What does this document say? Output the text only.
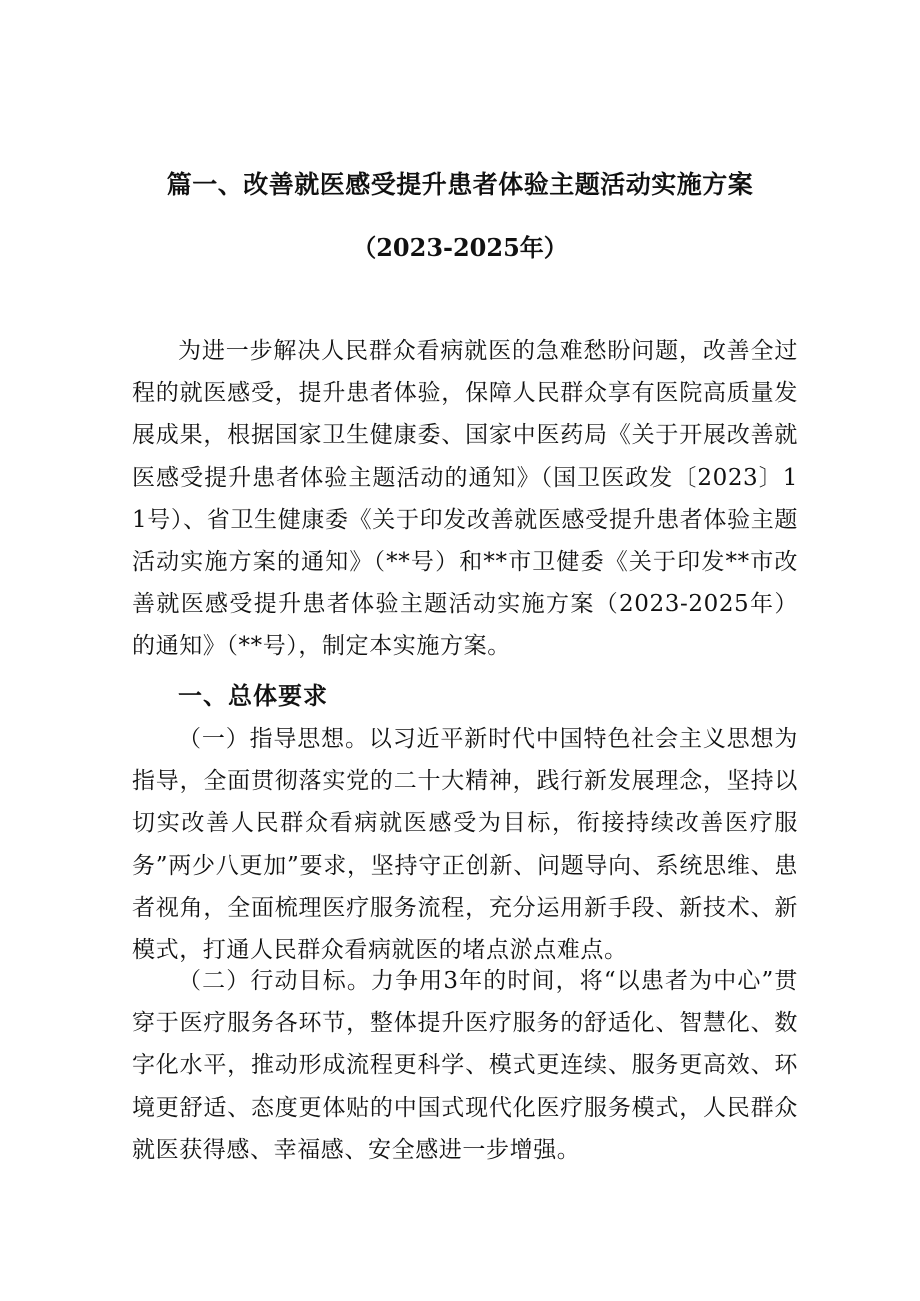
篇一、改善就医感受提升患者体验主题活动实施方案
（2023-2025年）

为进一步解决人民群众看病就医的急难愁盼问题，改善全过程的就医感受，提升患者体验，保障人民群众享有医院高质量发展成果，根据国家卫生健康委、国家中医药局《关于开展改善就医感受提升患者体验主题活动的通知》（国卫医政发〔2023〕11号）、省卫生健康委《关于印发改善就医感受提升患者体验主题活动实施方案的通知》（**号）和**市卫健委《关于印发**市改善就医感受提升患者体验主题活动实施方案（2023-2025年）的通知》（**号），制定本实施方案。

一、总体要求

（一）指导思想。以习近平新时代中国特色社会主义思想为指导，全面贯彻落实党的二十大精神，践行新发展理念，坚持以切实改善人民群众看病就医感受为目标，衔接持续改善医疗服务”两少八更加”要求，坚持守正创新、问题导向、系统思维、患者视角，全面梳理医疗服务流程，充分运用新手段、新技术、新模式，打通人民群众看病就医的堵点淤点难点。

（二）行动目标。力争用3年的时间，将“以患者为中心”贯穿于医疗服务各环节，整体提升医疗服务的舒适化、智慧化、数字化水平，推动形成流程更科学、模式更连续、服务更高效、环境更舒适、态度更体贴的中国式现代化医疗服务模式，人民群众就医获得感、幸福感、安全感进一步增强。
